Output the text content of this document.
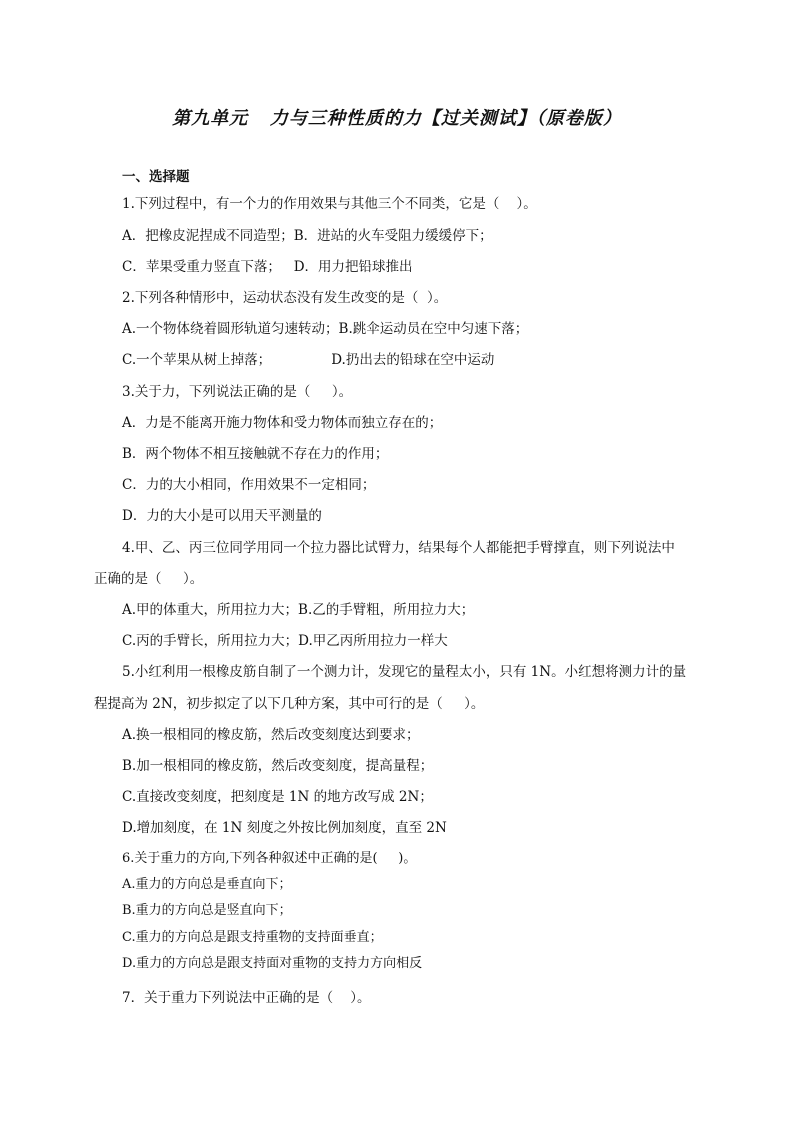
第九单元   力与三种性质的力【过关测试】（原卷版）
一、选择题
1.下列过程中，有一个力的作用效果与其他三个不同类，它是（    ）。
A．把橡皮泥捏成不同造型；B．进站的火车受阻力缓缓停下；
C．苹果受重力竖直下落；   D．用力把铅球推出
2.下列各种情形中，运动状态没有发生改变的是（  ）。
A.一个物体绕着圆形轨道匀速转动；B.跳伞运动员在空中匀速下落；
C.一个苹果从树上掉落；              D.扔出去的铅球在空中运动
3.关于力，下列说法正确的是（     ）。
A．力是不能离开施力物体和受力物体而独立存在的；
B．两个物体不相互接触就不存在力的作用；
C．力的大小相同，作用效果不一定相同；
D．力的大小是可以用天平测量的
4.甲、乙、丙三位同学用同一个拉力器比试臂力，结果每个人都能把手臂撑直，则下列说法中
正确的是（     ）。
A.甲的体重大，所用拉力大；B.乙的手臂粗，所用拉力大；
C.丙的手臂长，所用拉力大；D.甲乙丙所用拉力一样大
5.小红利用一根橡皮筋自制了一个测力计，发现它的量程太小，只有 1N。小红想将测力计的量
程提高为 2N，初步拟定了以下几种方案，其中可行的是（     ）。
A.换一根相同的橡皮筋，然后改变刻度达到要求；
B.加一根相同的橡皮筋，然后改变刻度，提高量程；
C.直接改变刻度，把刻度是 1N 的地方改写成 2N；
D.增加刻度，在 1N 刻度之外按比例加刻度，直至 2N
6.关于重力的方向,下列各种叙述中正确的是(     )。
A.重力的方向总是垂直向下；
B.重力的方向总是竖直向下；
C.重力的方向总是跟支持重物的支持面垂直；
D.重力的方向总是跟支持面对重物的支持力方向相反
7．关于重力下列说法中正确的是（    ）。
